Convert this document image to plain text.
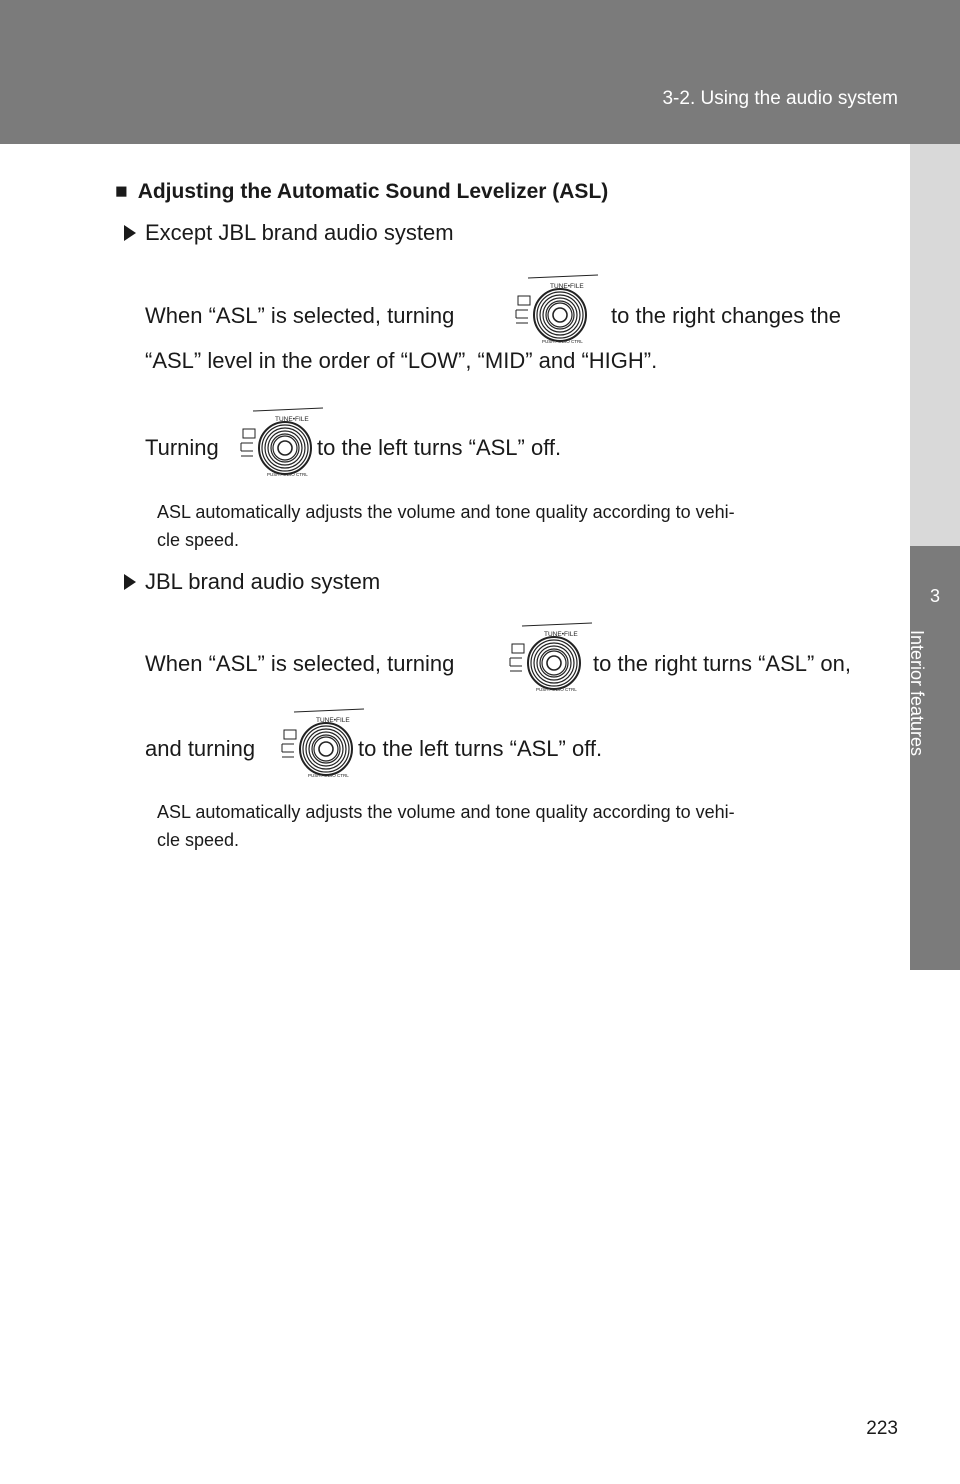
3-2. Using the audio system
3
Interior features
■ Adjusting the Automatic Sound Levelizer (ASL)
Except JBL brand audio system
When “ASL” is selected, turning
TUNE•FILE
PUSH AUDIO CTRL
to the right changes the
“ASL” level in the order of “LOW”, “MID” and “HIGH”.
Turning
TUNE•FILE
PUSH AUDIO CTRL
to the left turns “ASL” off.
ASL automatically adjusts the volume and tone quality according to vehi-
cle speed.
JBL brand audio system
When “ASL” is selected, turning
TUNE•FILE
PUSH AUDIO CTRL
to the right turns “ASL” on,
and turning
TUNE•FILE
PUSH AUDIO CTRL
to the left turns “ASL” off.
ASL automatically adjusts the volume and tone quality according to vehi-
cle speed.
223
